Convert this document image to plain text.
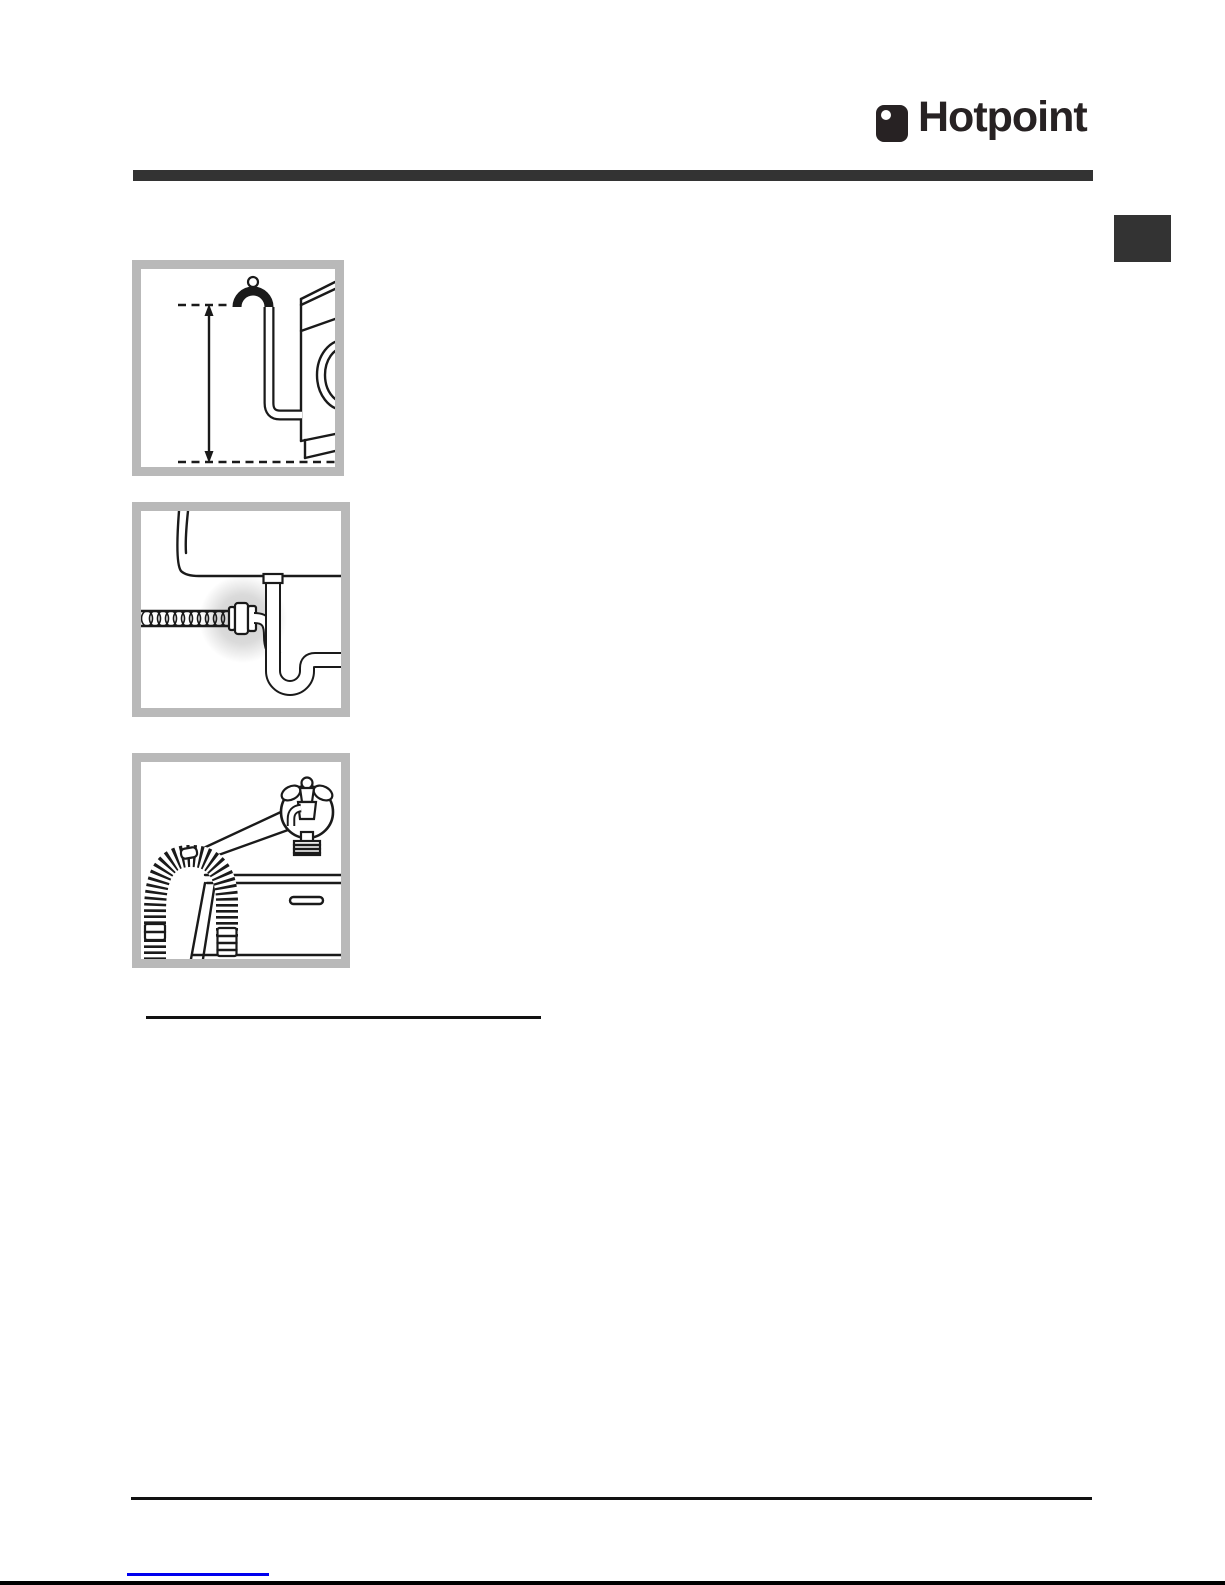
Hotpoint
